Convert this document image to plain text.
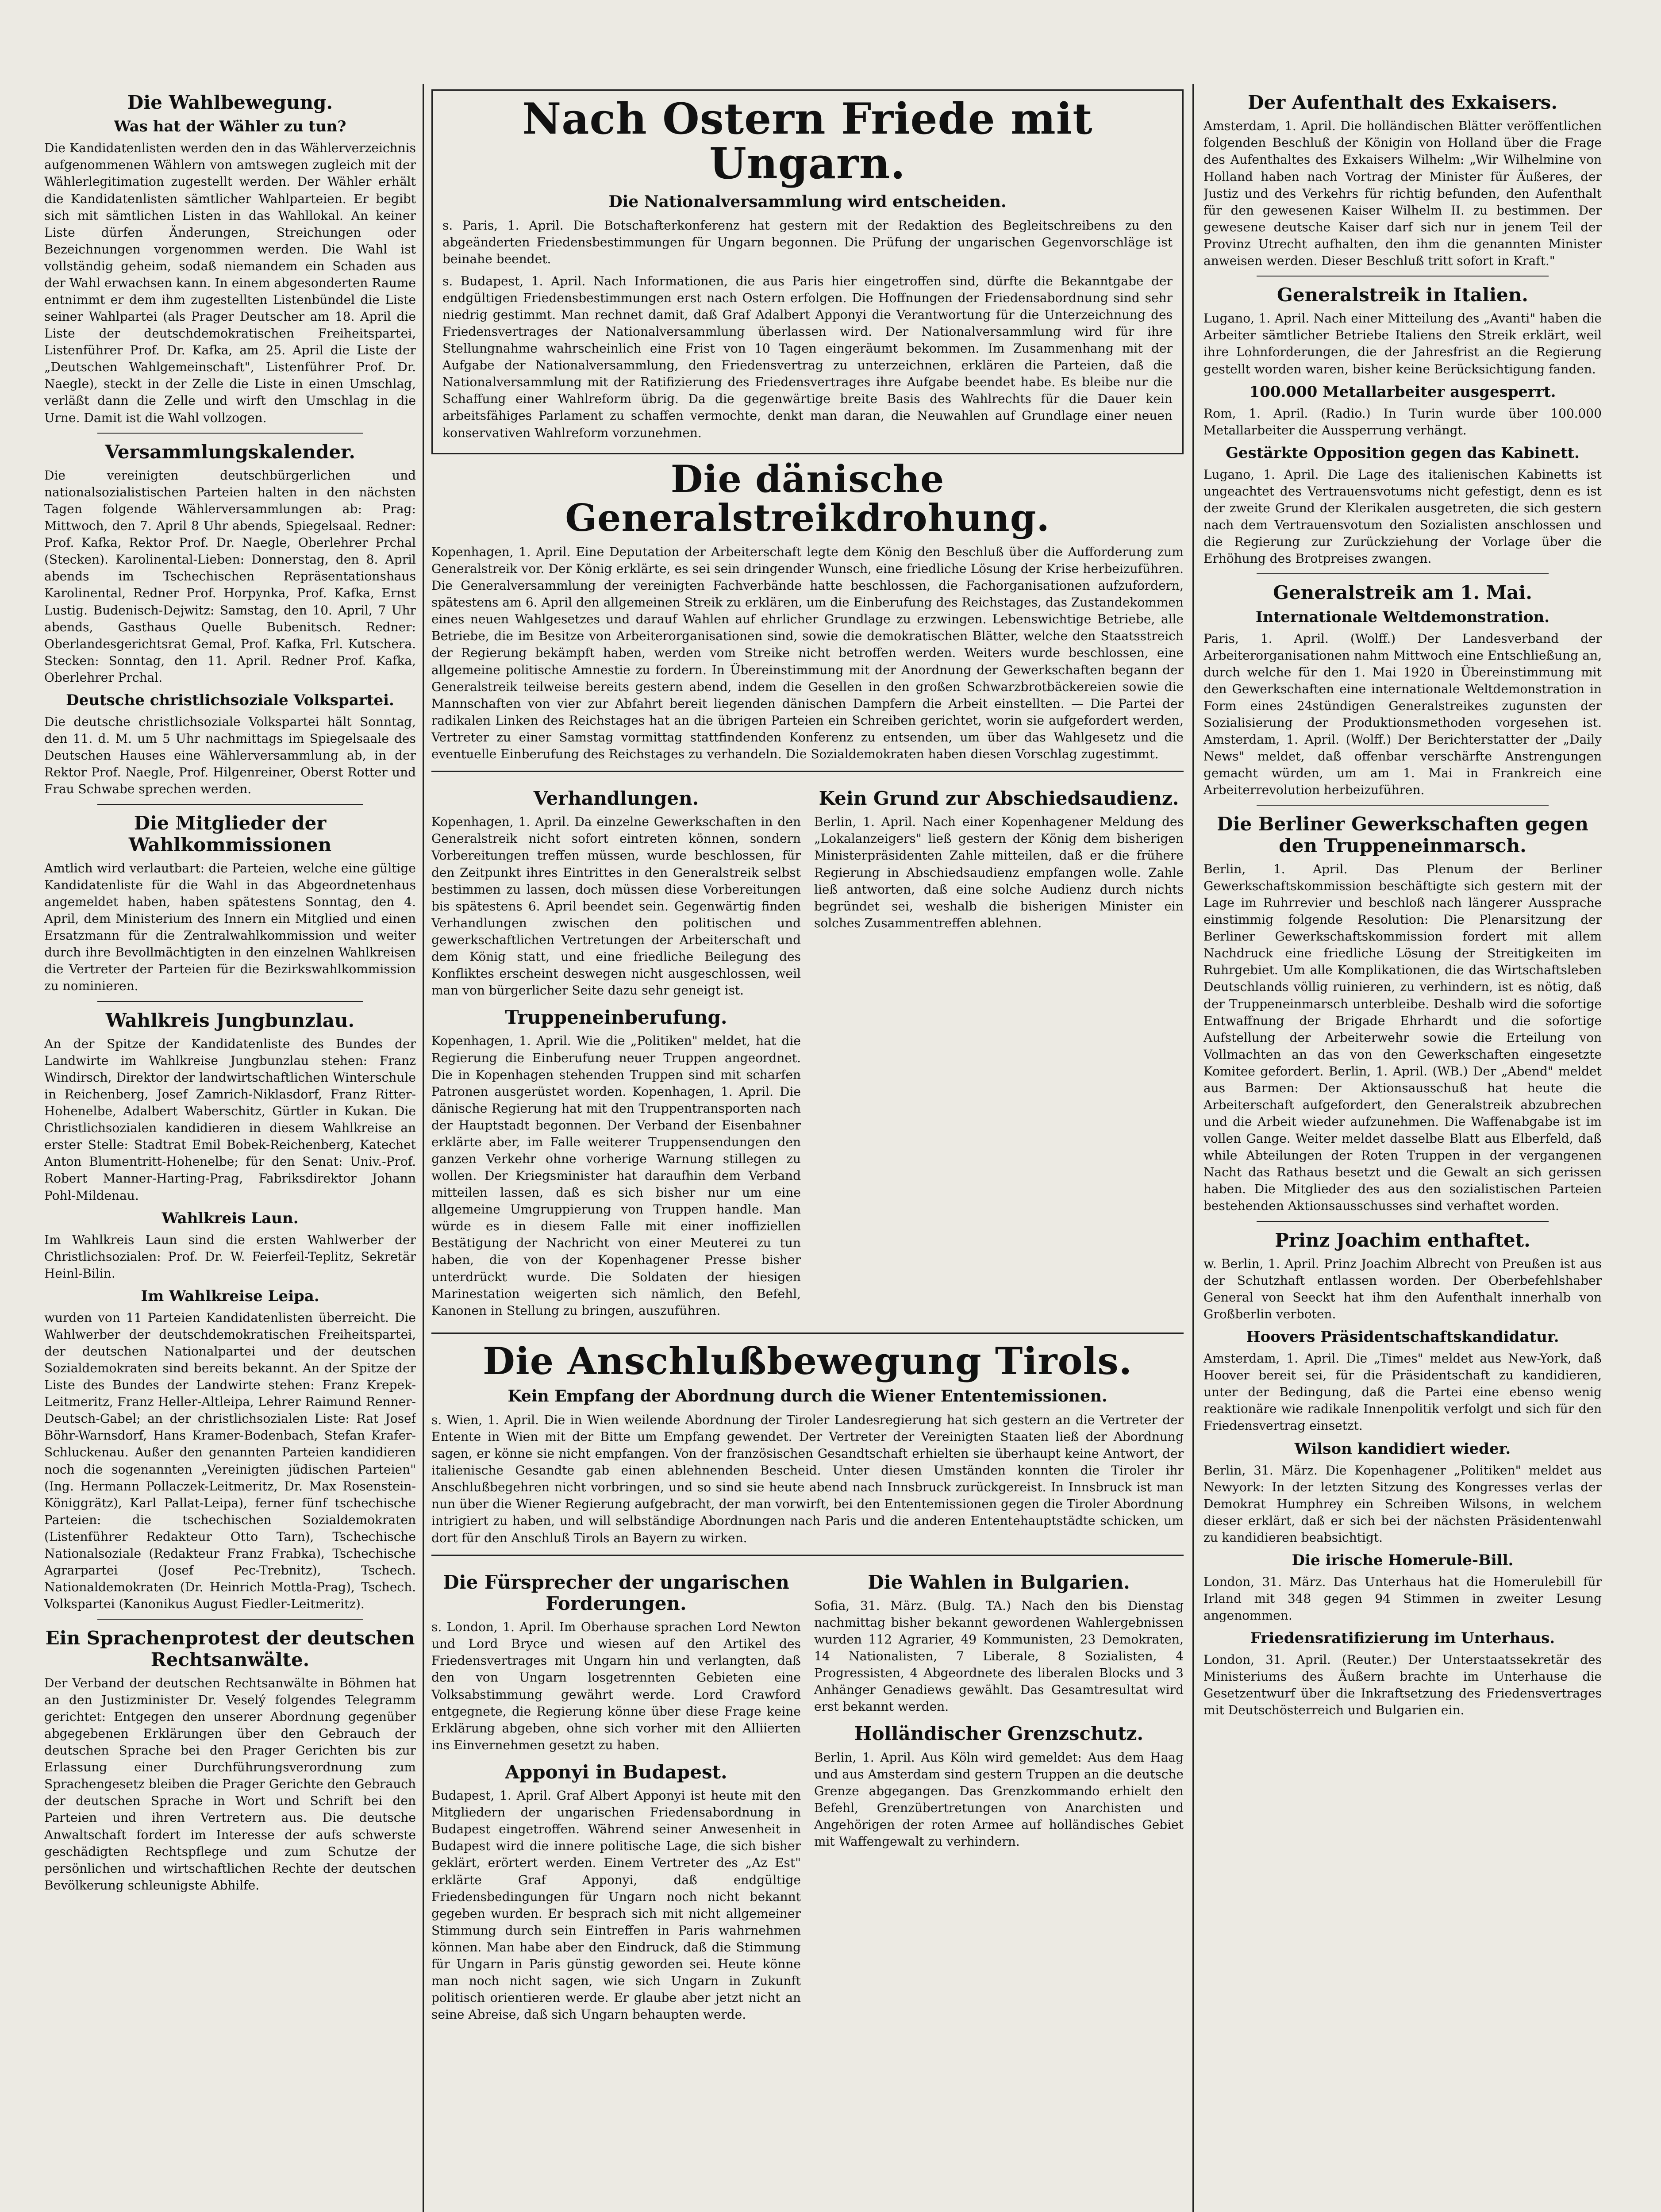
Die Wahlbewegung.
Was hat der Wähler zu tun?

Die Kandidatenlisten werden den in das Wählerverzeichnis aufgenommenen Wählern von amtswegen zugleich mit der Wählerlegitimation zugestellt werden. Der Wähler erhält die Kandidatenlisten sämtlicher Wahlparteien. Er begibt sich mit sämtlichen Listen in das Wahllokal. An keiner Liste dürfen Änderungen, Streichungen oder Bezeichnungen vorgenommen werden. Die Wahl ist vollständig geheim, sodaß niemandem ein Schaden aus der Wahl erwachsen kann. In einem abgesonderten Raume entnimmt er dem ihm zugestellten Listenbündel die Liste seiner Wahlpartei (als Prager Deutscher am 18. April die Liste der deutschdemokratischen Freiheitspartei, Listenführer Prof. Dr. Kafka, am 25. April die Liste der „Deutschen Wahlgemeinschaft", Listenführer Prof. Dr. Naegle), steckt in der Zelle die Liste in einen Umschlag, verläßt dann die Zelle und wirft den Umschlag in die Urne. Damit ist die Wahl vollzogen.

Versammlungskalender.

Die vereinigten deutschbürgerlichen und nationalsozialistischen Parteien halten in den nächsten Tagen folgende Wählerversammlungen ab: Prag: Mittwoch, den 7. April 8 Uhr abends, Spiegelsaal. Redner: Prof. Kafka, Rektor Prof. Dr. Naegle, Oberlehrer Prchal (Stecken). Karolinental-Lieben: Donnerstag, den 8. April abends im Tschechischen Repräsentationshaus Karolinental, Redner Prof. Horpynka, Prof. Kafka, Ernst Lustig. Budenisch-Dejwitz: Samstag, den 10. April, 7 Uhr abends, Gasthaus Quelle Bubenitsch. Redner: Oberlandesgerichtsrat Gemal, Prof. Kafka, Frl. Kutschera. Stecken: Sonntag, den 11. April. Redner Prof. Kafka, Oberlehrer Prchal.

Deutsche christlichsoziale Volkspartei.

Die deutsche christlichsoziale Volkspartei hält Sonntag, den 11. d. M. um 5 Uhr nachmittags im Spiegelsaale des Deutschen Hauses eine Wählerversammlung ab, in der Rektor Prof. Naegle, Prof. Hilgenreiner, Oberst Rotter und Frau Schwabe sprechen werden.

Die Mitglieder der Wahlkommissionen

Amtlich wird verlautbart: die Parteien, welche eine gültige Kandidatenliste für die Wahl in das Abgeordnetenhaus angemeldet haben, haben spätestens Sonntag, den 4. April, dem Ministerium des Innern ein Mitglied und einen Ersatzmann für die Zentralwahlkommission und weiter durch ihre Bevollmächtigten in den einzelnen Wahlkreisen die Vertreter der Parteien für die Bezirkswahlkommission zu nominieren.

Wahlkreis Jungbunzlau.

An der Spitze der Kandidatenliste des Bundes der Landwirte im Wahlkreise Jungbunzlau stehen: Franz Windirsch, Direktor der landwirtschaftlichen Winterschule in Reichenberg, Josef Zamrich-Niklasdorf, Franz Ritter-Hohenelbe, Adalbert Waberschitz, Gürtler in Kukan. Die Christlichsozialen kandidieren in diesem Wahlkreise an erster Stelle: Stadtrat Emil Bobek-Reichenberg, Katechet Anton Blumentritt-Hohenelbe; für den Senat: Univ.-Prof. Robert Manner-Harting-Prag, Fabriksdirektor Johann Pohl-Mildenau.

Wahlkreis Laun.

Im Wahlkreis Laun sind die ersten Wahlwerber der Christlichsozialen: Prof. Dr. W. Feierfeil-Teplitz, Sekretär Heinl-Bilin.

Im Wahlkreise Leipa.

wurden von 11 Parteien Kandidatenlisten überreicht. Die Wahlwerber der deutschdemokratischen Freiheitspartei, der deutschen Nationalpartei und der deutschen Sozialdemokraten sind bereits bekannt. An der Spitze der Liste des Bundes der Landwirte stehen: Franz Krepek-Leitmeritz, Franz Heller-Altleipa, Lehrer Raimund Renner-Deutsch-Gabel; an der christlichsozialen Liste: Rat Josef Böhr-Warnsdorf, Hans Kramer-Bodenbach, Stefan Krafer-Schluckenau. Außer den genannten Parteien kandidieren noch die sogenannten „Vereinigten jüdischen Parteien" (Ing. Hermann Pollaczek-Leitmeritz, Dr. Max Rosenstein-Königgrätz), Karl Pallat-Leipa), ferner fünf tschechische Parteien: die tschechischen Sozialdemokraten (Listenführer Redakteur Otto Tarn), Tschechische Nationalsoziale (Redakteur Franz Frabka), Tschechische Agrarpartei (Josef Pec-Trebnitz), Tschech. Nationaldemokraten (Dr. Heinrich Mottla-Prag), Tschech. Volkspartei (Kanonikus August Fiedler-Leitmeritz).

Ein Sprachenprotest der deutschen Rechtsanwälte.

Der Verband der deutschen Rechtsanwälte in Böhmen hat an den Justizminister Dr. Veselý folgendes Telegramm gerichtet: Entgegen den unserer Abordnung gegenüber abgegebenen Erklärungen über den Gebrauch der deutschen Sprache bei den Prager Gerichten bis zur Erlassung einer Durchführungsverordnung zum Sprachengesetz bleiben die Prager Gerichte den Gebrauch der deutschen Sprache in Wort und Schrift bei den Parteien und ihren Vertretern aus. Die deutsche Anwaltschaft fordert im Interesse der aufs schwerste geschädigten Rechtspflege und zum Schutze der persönlichen und wirtschaftlichen Rechte der deutschen Bevölkerung schleunigste Abhilfe.

Nach Ostern Friede mit Ungarn.
Die Nationalversammlung wird entscheiden.

s. Paris, 1. April. Die Botschafterkonferenz hat gestern mit der Redaktion des Begleitschreibens zu den abgeänderten Friedensbestimmungen für Ungarn begonnen. Die Prüfung der ungarischen Gegenvorschläge ist beinahe beendet.

s. Budapest, 1. April. Nach Informationen, die aus Paris hier eingetroffen sind, dürfte die Bekanntgabe der endgültigen Friedensbestimmungen erst nach Ostern erfolgen. Die Hoffnungen der Friedensabordnung sind sehr niedrig gestimmt. Man rechnet damit, daß Graf Adalbert Apponyi die Verantwortung für die Unterzeichnung des Friedensvertrages der Nationalversammlung überlassen wird. Der Nationalversammlung wird für ihre Stellungnahme wahrscheinlich eine Frist von 10 Tagen eingeräumt bekommen. Im Zusammenhang mit der Aufgabe der Nationalversammlung, den Friedensvertrag zu unterzeichnen, erklären die Parteien, daß die Nationalversammlung mit der Ratifizierung des Friedensvertrages ihre Aufgabe beendet habe. Es bleibe nur die Schaffung einer Wahlreform übrig. Da die gegenwärtige breite Basis des Wahlrechts für die Dauer kein arbeitsfähiges Parlament zu schaffen vermochte, denkt man daran, die Neuwahlen auf Grundlage einer neuen konservativen Wahlreform vorzunehmen.

Die dänische Generalstreikdrohung.

Kopenhagen, 1. April. Eine Deputation der Arbeiterschaft legte dem König den Beschluß über die Aufforderung zum Generalstreik vor. Der König erklärte, es sei sein dringender Wunsch, eine friedliche Lösung der Krise herbeizuführen. Die Generalversammlung der vereinigten Fachverbände hatte beschlossen, die Fachorganisationen aufzufordern, spätestens am 6. April den allgemeinen Streik zu erklären, um die Einberufung des Reichstages, das Zustandekommen eines neuen Wahlgesetzes und darauf Wahlen auf ehrlicher Grundlage zu erzwingen. Lebenswichtige Betriebe, alle Betriebe, die im Besitze von Arbeiterorganisationen sind, sowie die demokratischen Blätter, welche den Staatsstreich der Regierung bekämpft haben, werden vom Streike nicht betroffen werden. Weiters wurde beschlossen, eine allgemeine politische Amnestie zu fordern. In Übereinstimmung mit der Anordnung der Gewerkschaften begann der Generalstreik teilweise bereits gestern abend, indem die Gesellen in den großen Schwarzbrotbäckereien sowie die Mannschaften von vier zur Abfahrt bereit liegenden dänischen Dampfern die Arbeit einstellten. — Die Partei der radikalen Linken des Reichstages hat an die übrigen Parteien ein Schreiben gerichtet, worin sie aufgefordert werden, Vertreter zu einer Samstag vormittag stattfindenden Konferenz zu entsenden, um über das Wahlgesetz und die eventuelle Einberufung des Reichstages zu verhandeln. Die Sozialdemokraten haben diesen Vorschlag zugestimmt.

Verhandlungen.

Kopenhagen, 1. April. Da einzelne Gewerkschaften in den Generalstreik nicht sofort eintreten können, sondern Vorbereitungen treffen müssen, wurde beschlossen, für den Zeitpunkt ihres Eintrittes in den Generalstreik selbst bestimmen zu lassen, doch müssen diese Vorbereitungen bis spätestens 6. April beendet sein. Gegenwärtig finden Verhandlungen zwischen den politischen und gewerkschaftlichen Vertretungen der Arbeiterschaft und dem König statt, und eine friedliche Beilegung des Konfliktes erscheint deswegen nicht ausgeschlossen, weil man von bürgerlicher Seite dazu sehr geneigt ist.

Truppeneinberufung.

Kopenhagen, 1. April. Wie die „Politiken" meldet, hat die Regierung die Einberufung neuer Truppen angeordnet. Die in Kopenhagen stehenden Truppen sind mit scharfen Patronen ausgerüstet worden. Kopenhagen, 1. April. Die dänische Regierung hat mit den Truppentransporten nach der Hauptstadt begonnen. Der Verband der Eisenbahner erklärte aber, im Falle weiterer Truppensendungen den ganzen Verkehr ohne vorherige Warnung stillegen zu wollen. Der Kriegsminister hat daraufhin dem Verband mitteilen lassen, daß es sich bisher nur um eine allgemeine Umgruppierung von Truppen handle. Man würde es in diesem Falle mit einer inoffiziellen Bestätigung der Nachricht von einer Meuterei zu tun haben, die von der Kopenhagener Presse bisher unterdrückt wurde. Die Soldaten der hiesigen Marinestation weigerten sich nämlich, den Befehl, Kanonen in Stellung zu bringen, auszuführen.

Kein Grund zur Abschiedsaudienz.

Berlin, 1. April. Nach einer Kopenhagener Meldung des „Lokalanzeigers" ließ gestern der König dem bisherigen Ministerpräsidenten Zahle mitteilen, daß er die frühere Regierung in Abschiedsaudienz empfangen wolle. Zahle ließ antworten, daß eine solche Audienz durch nichts begründet sei, weshalb die bisherigen Minister ein solches Zusammentreffen ablehnen.

Die Anschlußbewegung Tirols.
Kein Empfang der Abordnung durch die Wiener Ententemissionen.

s. Wien, 1. April. Die in Wien weilende Abordnung der Tiroler Landesregierung hat sich gestern an die Vertreter der Entente in Wien mit der Bitte um Empfang gewendet. Der Vertreter der Vereinigten Staaten ließ der Abordnung sagen, er könne sie nicht empfangen. Von der französischen Gesandtschaft erhielten sie überhaupt keine Antwort, der italienische Gesandte gab einen ablehnenden Bescheid. Unter diesen Umständen konnten die Tiroler ihr Anschlußbegehren nicht vorbringen, und so sind sie heute abend nach Innsbruck zurückgereist. In Innsbruck ist man nun über die Wiener Regierung aufgebracht, der man vorwirft, bei den Ententemissionen gegen die Tiroler Abordnung intrigiert zu haben, und will selbständige Abordnungen nach Paris und die anderen Ententehauptstädte schicken, um dort für den Anschluß Tirols an Bayern zu wirken.

Die Fürsprecher der ungarischen Forderungen.

s. London, 1. April. Im Oberhause sprachen Lord Newton und Lord Bryce und wiesen auf den Artikel des Friedensvertrages mit Ungarn hin und verlangten, daß den von Ungarn losgetrennten Gebieten eine Volksabstimmung gewährt werde. Lord Crawford entgegnete, die Regierung könne über diese Frage keine Erklärung abgeben, ohne sich vorher mit den Alliierten ins Einvernehmen gesetzt zu haben.

Apponyi in Budapest.

Budapest, 1. April. Graf Albert Apponyi ist heute mit den Mitgliedern der ungarischen Friedensabordnung in Budapest eingetroffen. Während seiner Anwesenheit in Budapest wird die innere politische Lage, die sich bisher geklärt, erörtert werden. Einem Vertreter des „Az Est" erklärte Graf Apponyi, daß endgültige Friedensbedingungen für Ungarn noch nicht bekannt gegeben wurden. Er besprach sich mit nicht allgemeiner Stimmung durch sein Eintreffen in Paris wahrnehmen können. Man habe aber den Eindruck, daß die Stimmung für Ungarn in Paris günstig geworden sei. Heute könne man noch nicht sagen, wie sich Ungarn in Zukunft politisch orientieren werde. Er glaube aber jetzt nicht an seine Abreise, daß sich Ungarn behaupten werde.

Die Wahlen in Bulgarien.

Sofia, 31. März. (Bulg. TA.) Nach den bis Dienstag nachmittag bisher bekannt gewordenen Wahlergebnissen wurden 112 Agrarier, 49 Kommunisten, 23 Demokraten, 14 Nationalisten, 7 Liberale, 8 Sozialisten, 4 Progressisten, 4 Abgeordnete des liberalen Blocks und 3 Anhänger Genadiews gewählt. Das Gesamtresultat wird erst bekannt werden.

Holländischer Grenzschutz.

Berlin, 1. April. Aus Köln wird gemeldet: Aus dem Haag und aus Amsterdam sind gestern Truppen an die deutsche Grenze abgegangen. Das Grenzkommando erhielt den Befehl, Grenzübertretungen von Anarchisten und Angehörigen der roten Armee auf holländisches Gebiet mit Waffengewalt zu verhindern.

Der Aufenthalt des Exkaisers.

Amsterdam, 1. April. Die holländischen Blätter veröffentlichen folgenden Beschluß der Königin von Holland über die Frage des Aufenthaltes des Exkaisers Wilhelm: „Wir Wilhelmine von Holland haben nach Vortrag der Minister für Äußeres, der Justiz und des Verkehrs für richtig befunden, den Aufenthalt für den gewesenen Kaiser Wilhelm II. zu bestimmen. Der gewesene deutsche Kaiser darf sich nur in jenem Teil der Provinz Utrecht aufhalten, den ihm die genannten Minister anweisen werden. Dieser Beschluß tritt sofort in Kraft."

Generalstreik in Italien.

Lugano, 1. April. Nach einer Mitteilung des „Avanti" haben die Arbeiter sämtlicher Betriebe Italiens den Streik erklärt, weil ihre Lohnforderungen, die der Jahresfrist an die Regierung gestellt worden waren, bisher keine Berücksichtigung fanden.

100.000 Metallarbeiter ausgesperrt.

Rom, 1. April. (Radio.) In Turin wurde über 100.000 Metallarbeiter die Aussperrung verhängt.

Gestärkte Opposition gegen das Kabinett.

Lugano, 1. April. Die Lage des italienischen Kabinetts ist ungeachtet des Vertrauensvotums nicht gefestigt, denn es ist der zweite Grund der Klerikalen ausgetreten, die sich gestern nach dem Vertrauensvotum den Sozialisten anschlossen und die Regierung zur Zurückziehung der Vorlage über die Erhöhung des Brotpreises zwangen.

Generalstreik am 1. Mai.
Internationale Weltdemonstration.

Paris, 1. April. (Wolff.) Der Landesverband der Arbeiterorganisationen nahm Mittwoch eine Entschließung an, durch welche für den 1. Mai 1920 in Übereinstimmung mit den Gewerkschaften eine internationale Weltdemonstration in Form eines 24stündigen Generalstreikes zugunsten der Sozialisierung der Produktionsmethoden vorgesehen ist. Amsterdam, 1. April. (Wolff.) Der Berichterstatter der „Daily News" meldet, daß offenbar verschärfte Anstrengungen gemacht würden, um am 1. Mai in Frankreich eine Arbeiterrevolution herbeizuführen.

Die Berliner Gewerkschaften gegen den Truppeneinmarsch.

Berlin, 1. April. Das Plenum der Berliner Gewerkschaftskommission beschäftigte sich gestern mit der Lage im Ruhrrevier und beschloß nach längerer Aussprache einstimmig folgende Resolution: Die Plenarsitzung der Berliner Gewerkschaftskommission fordert mit allem Nachdruck eine friedliche Lösung der Streitigkeiten im Ruhrgebiet. Um alle Komplikationen, die das Wirtschaftsleben Deutschlands völlig ruinieren, zu verhindern, ist es nötig, daß der Truppeneinmarsch unterbleibe. Deshalb wird die sofortige Entwaffnung der Brigade Ehrhardt und die sofortige Aufstellung der Arbeiterwehr sowie die Erteilung von Vollmachten an das von den Gewerkschaften eingesetzte Komitee gefordert. Berlin, 1. April. (WB.) Der „Abend" meldet aus Barmen: Der Aktionsausschuß hat heute die Arbeiterschaft aufgefordert, den Generalstreik abzubrechen und die Arbeit wieder aufzunehmen. Die Waffenabgabe ist im vollen Gange. Weiter meldet dasselbe Blatt aus Elberfeld, daß while Abteilungen der Roten Truppen in der vergangenen Nacht das Rathaus besetzt und die Gewalt an sich gerissen haben. Die Mitglieder des aus den sozialistischen Parteien bestehenden Aktionsausschusses sind verhaftet worden.

Prinz Joachim enthaftet.

w. Berlin, 1. April. Prinz Joachim Albrecht von Preußen ist aus der Schutzhaft entlassen worden. Der Oberbefehlshaber General von Seeckt hat ihm den Aufenthalt innerhalb von Großberlin verboten.

Hoovers Präsidentschaftskandidatur.

Amsterdam, 1. April. Die „Times" meldet aus New-York, daß Hoover bereit sei, für die Präsidentschaft zu kandidieren, unter der Bedingung, daß die Partei eine ebenso wenig reaktionäre wie radikale Innenpolitik verfolgt und sich für den Friedensvertrag einsetzt.

Wilson kandidiert wieder.

Berlin, 31. März. Die Kopenhagener „Politiken" meldet aus Newyork: In der letzten Sitzung des Kongresses verlas der Demokrat Humphrey ein Schreiben Wilsons, in welchem dieser erklärt, daß er sich bei der nächsten Präsidentenwahl zu kandidieren beabsichtigt.

Die irische Homerule-Bill.

London, 31. März. Das Unterhaus hat die Homerulebill für Irland mit 348 gegen 94 Stimmen in zweiter Lesung angenommen.

Friedensratifizierung im Unterhaus.

London, 31. April. (Reuter.) Der Unterstaatssekretär des Ministeriums des Äußern brachte im Unterhause die Gesetzentwurf über die Inkraftsetzung des Friedensvertrages mit Deutschösterreich und Bulgarien ein.
